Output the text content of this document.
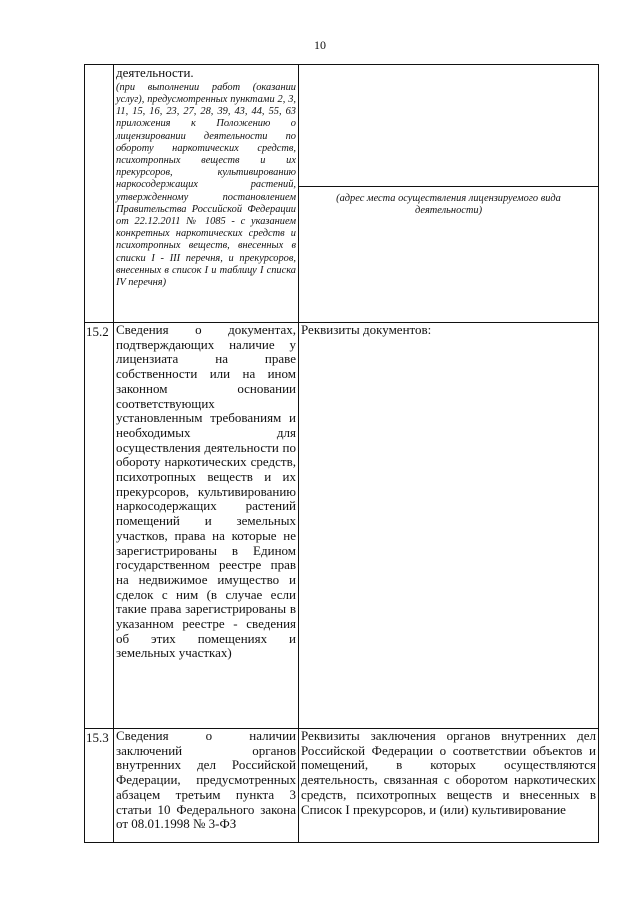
10

	деятельности.
(при выполнении работ (оказании услуг), предусмотренных пунктами 2, 3, 11, 15, 16, 23, 27, 28, 39, 43, 44, 55, 63 приложения к Положению о лицензировании деятельности по обороту наркотических средств, психотропных веществ и их прекурсоров, культивированию наркосодержащих растений, утвержденному постановлением Правительства Российской Федерации от 22.12.2011 № 1085 - с указанием конкретных наркотических средств и психотропных веществ, внесенных в списки I - III перечня, и прекурсоров, внесенных в список I и таблицу I списка IV перечня)	(адрес места осуществления лицензируемого вида деятельности)

15.2	Сведения о документах, подтверждающих наличие у лицензиата на праве собственности или на ином законном основании соответствующих установленным требованиям и необходимых для осуществления деятельности по обороту наркотических средств, психотропных веществ и их прекурсоров, культивированию наркосодержащих растений помещений и земельных участков, права на которые не зарегистрированы в Едином государственном реестре прав на недвижимое имущество и сделок с ним (в случае если такие права зарегистрированы в указанном реестре - сведения об этих помещениях и земельных участках)	Реквизиты документов:
15.3	Сведения о наличии заключений органов внутренних дел Российской Федерации, предусмотренных абзацем третьим пункта 3 статьи 10 Федерального закона от 08.01.1998 № 3-ФЗ	Реквизиты заключения органов внутренних дел Российской Федерации о соответствии объектов и помещений, в которых осуществляются деятельность, связанная с оборотом наркотических средств, психотропных веществ и внесенных в Список I прекурсоров, и (или) культивирование
